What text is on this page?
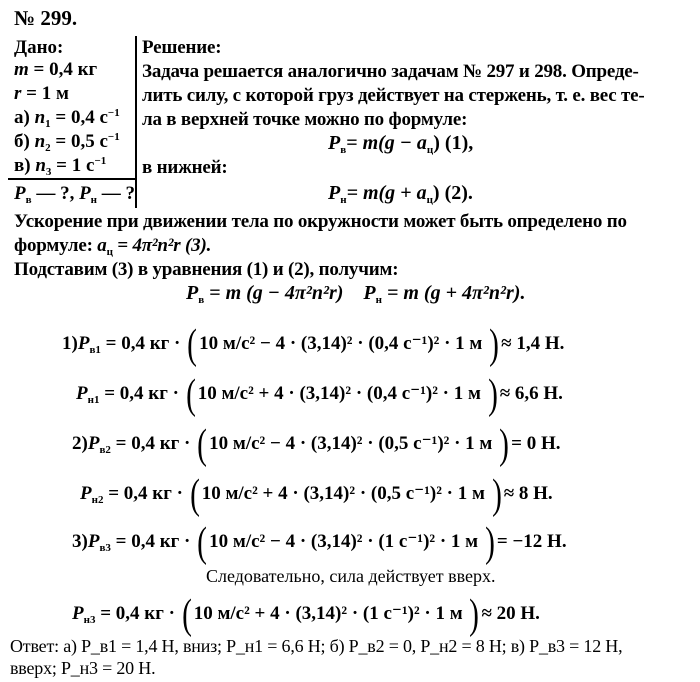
№ 299.
Дано:
m = 0,4 кг
r = 1 м
а) $n_1 = 0,4$ $с^{-1}$
б) $n_2 = 0,5$ $с^{-1}$
в) $n_3 = 1$ $с^{-1}$
$P_в$ — ?, $P_н$ — ?
Решение:
Задача решается аналогично задачам № 297 и 298. Опреде-
лить силу, с которой груз действует на стержень, т. е. вес те-
ла в верхней точке можно по формуле:
$P_в= m(g - a_ц)$ (1),
в нижней:
$P_н= m(g + a_ц)$ (2).
Ускорение при движении тела по окружности может быть определено по
формуле: $a_ц = 4\pi^2n^2r$ (3).
Подставим (3) в уравнения (1) и (2), получим:
$P_в = m$ (g − 4π²n²r) $P_н = m$ (g + 4π²n²r).
$1)P_{в1} = 0,4$ кг · ( 10 м/с² − 4 · (3,14)² · (0,4 с⁻¹)² · 1 м ) ≈ 1,4 Н.
$P_{н1} = 0,4$ кг · ( 10 м/с² + 4 · (3,14)² · (0,4 с⁻¹)² · 1 м ) ≈ 6,6 Н.
$2)P_{в2} = 0,4$ кг · ( 10 м/с² − 4 · (3,14)² · (0,5 с⁻¹)² · 1 м ) = 0 Н.
$P_{н2} = 0,4$ кг · ( 10 м/с² + 4 · (3,14)² · (0,5 с⁻¹)² · 1 м ) ≈ 8 Н.
$3)P_{в3} = 0,4$ кг · ( 10 м/с² − 4 · (3,14)² · (1 с⁻¹)² · 1 м ) = −12 Н.
Следовательно, сила действует вверх.
$P_{н3} = 0,4$ кг · ( 10 м/с² + 4 · (3,14)² · (1 с⁻¹)² · 1 м ) ≈ 20 Н.
Ответ: а) P_в1 = 1,4 Н, вниз; P_н1 = 6,6 Н; б) P_в2 = 0, P_н2 = 8 Н; в) P_в3 = 12 Н,
вверх; P_н3 = 20 Н.
